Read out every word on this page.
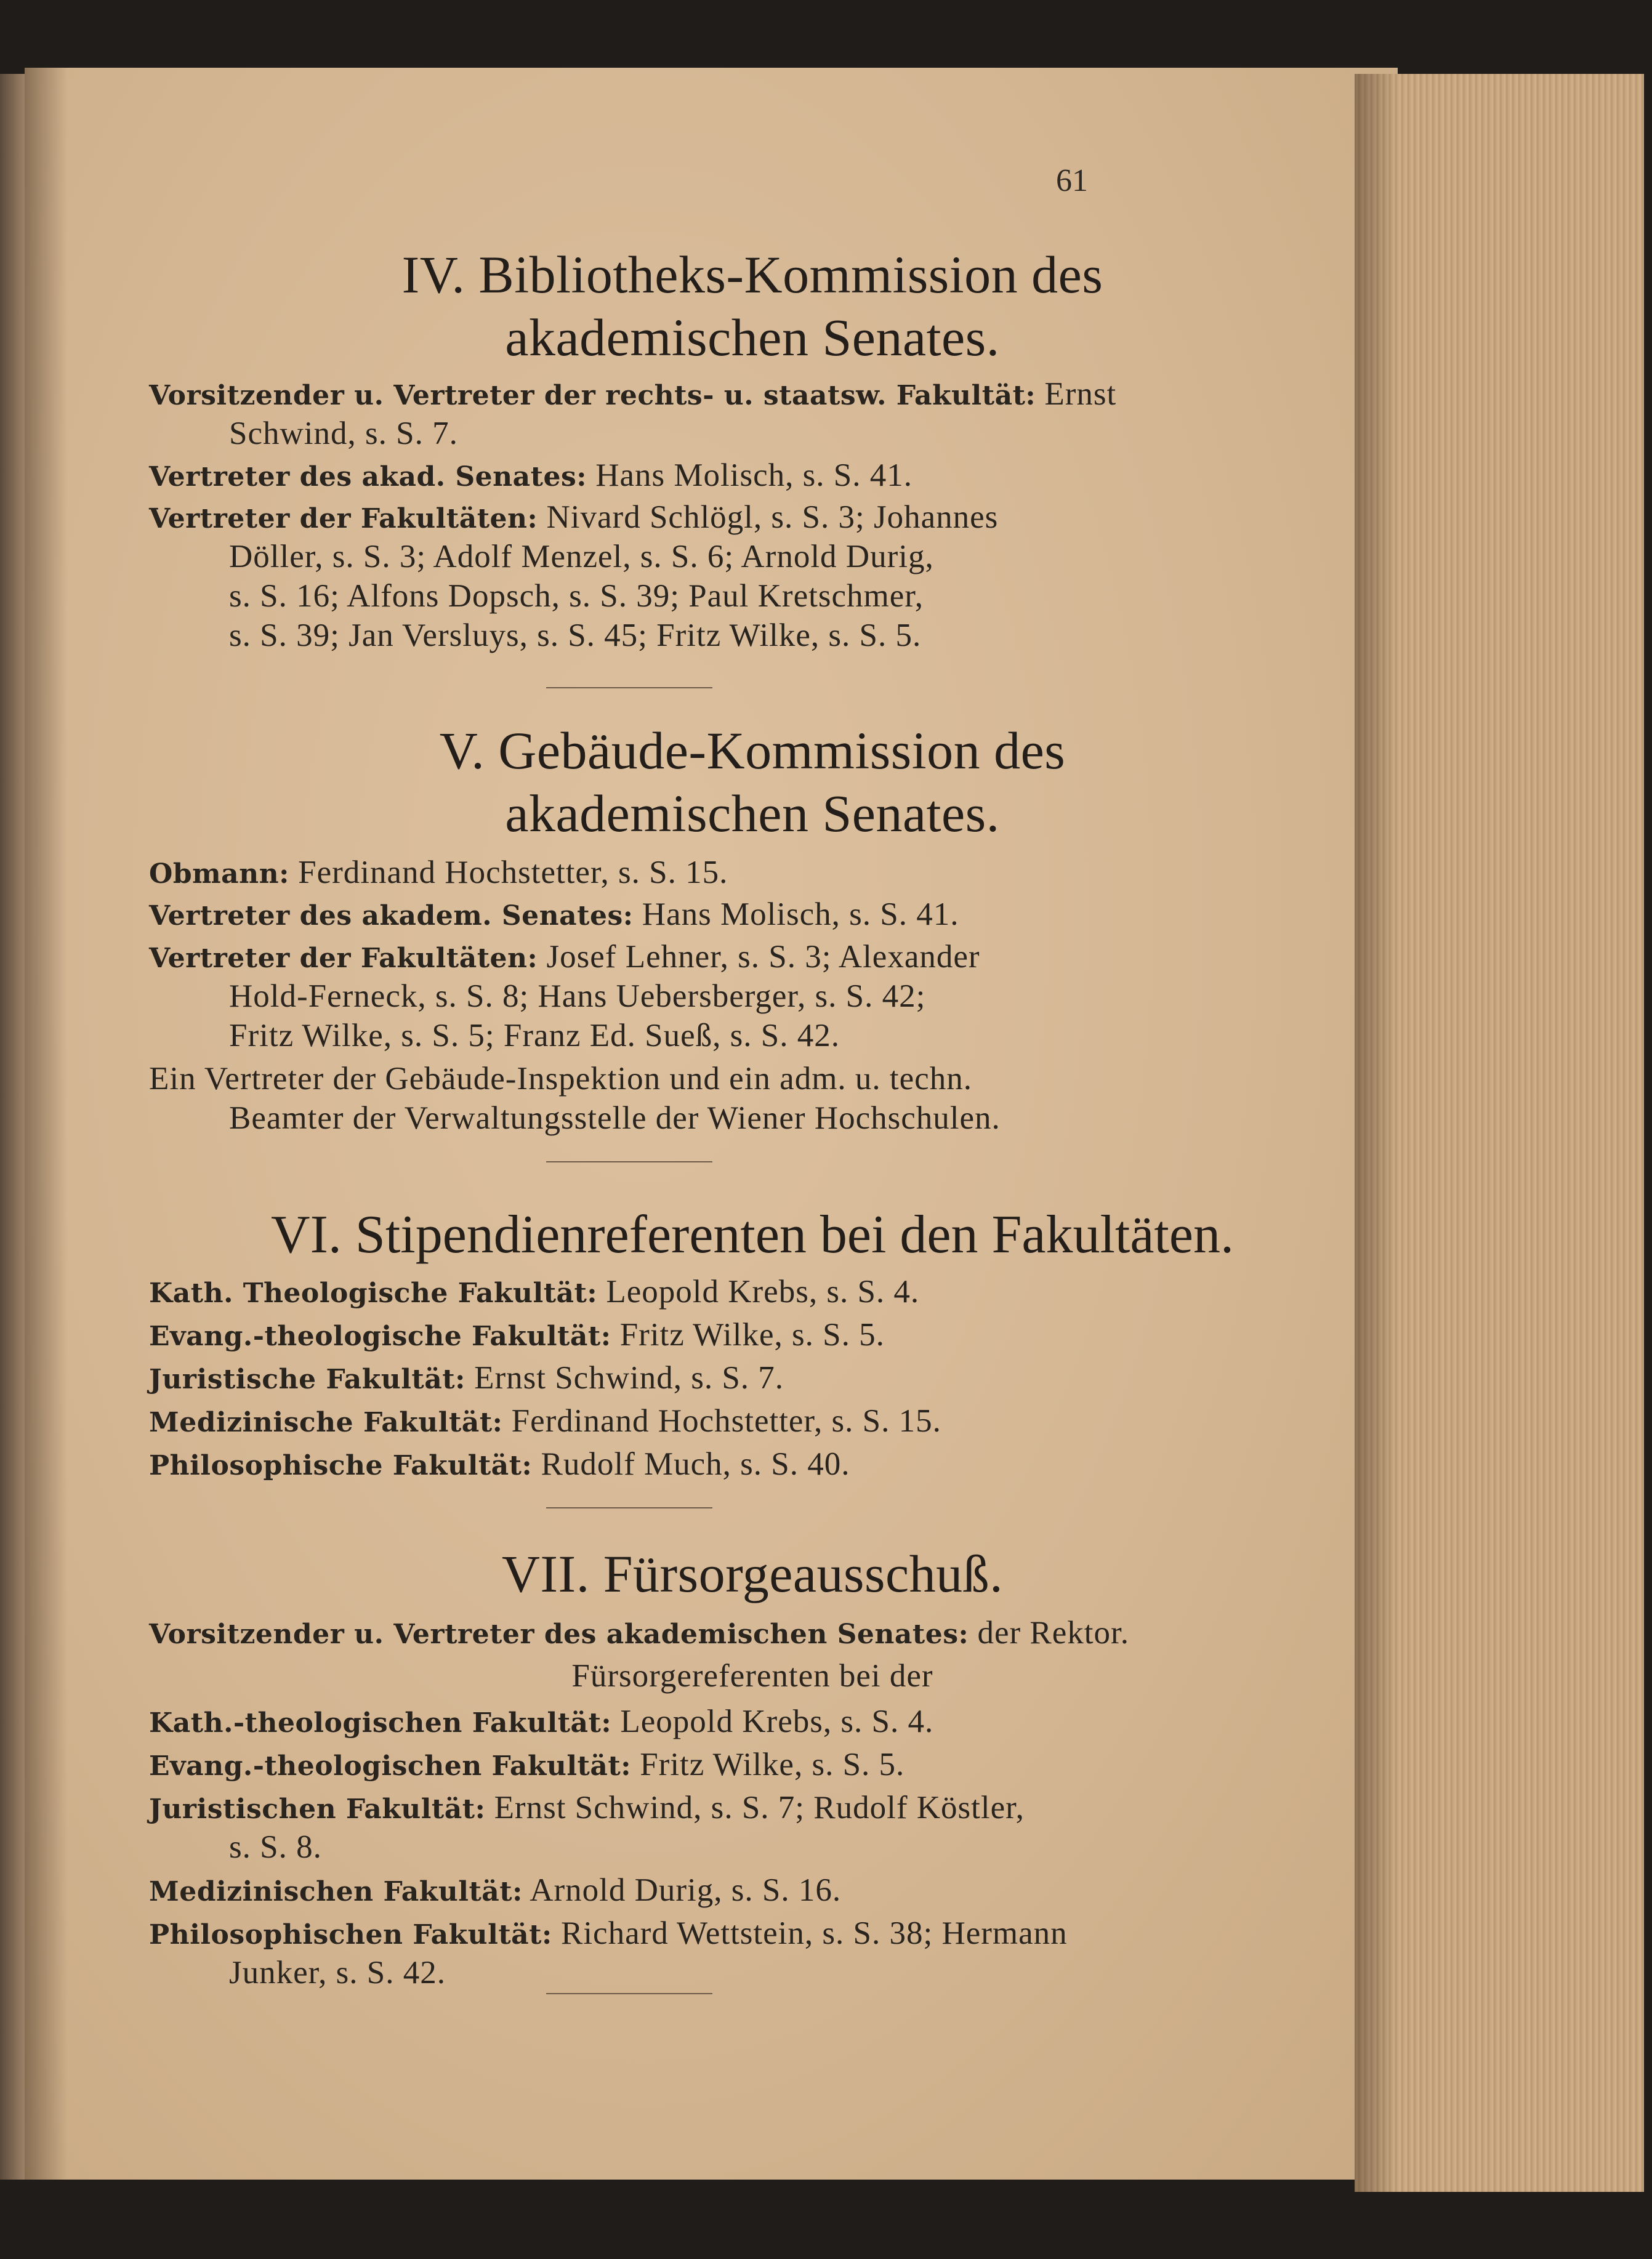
61
IV. Bibliotheks-Kommission des
akademischen Senates.
Vorsitzender u. Vertreter der rechts- u. staatsw. Fakultät: Ernst
Schwind, s. S. 7.
Vertreter des akad. Senates: Hans Molisch, s. S. 41.
Vertreter der Fakultäten: Nivard Schlögl, s. S. 3; Johannes
Döller, s. S. 3; Adolf Menzel, s. S. 6; Arnold Durig,
s. S. 16; Alfons Dopsch, s. S. 39; Paul Kretschmer,
s. S. 39; Jan Versluys, s. S. 45; Fritz Wilke, s. S. 5.
V. Gebäude-Kommission des
akademischen Senates.
Obmann: Ferdinand Hochstetter, s. S. 15.
Vertreter des akadem. Senates: Hans Molisch, s. S. 41.
Vertreter der Fakultäten: Josef Lehner, s. S. 3; Alexander
Hold-Ferneck, s. S. 8; Hans Uebersberger, s. S. 42;
Fritz Wilke, s. S. 5; Franz Ed. Sueß, s. S. 42.
Ein Vertreter der Gebäude-Inspektion und ein adm. u. techn.
Beamter der Verwaltungsstelle der Wiener Hochschulen.
VI. Stipendienreferenten bei den Fakultäten.
Kath. Theologische Fakultät: Leopold Krebs, s. S. 4.
Evang.-theologische Fakultät: Fritz Wilke, s. S. 5.
Juristische Fakultät: Ernst Schwind, s. S. 7.
Medizinische Fakultät: Ferdinand Hochstetter, s. S. 15.
Philosophische Fakultät: Rudolf Much, s. S. 40.
VII. Fürsorgeausschuß.
Vorsitzender u. Vertreter des akademischen Senates: der Rektor.
Fürsorgereferenten bei der
Kath.-theologischen Fakultät: Leopold Krebs, s. S. 4.
Evang.-theologischen Fakultät: Fritz Wilke, s. S. 5.
Juristischen Fakultät: Ernst Schwind, s. S. 7; Rudolf Köstler,
s. S. 8.
Medizinischen Fakultät: Arnold Durig, s. S. 16.
Philosophischen Fakultät: Richard Wettstein, s. S. 38; Hermann
Junker, s. S. 42.
